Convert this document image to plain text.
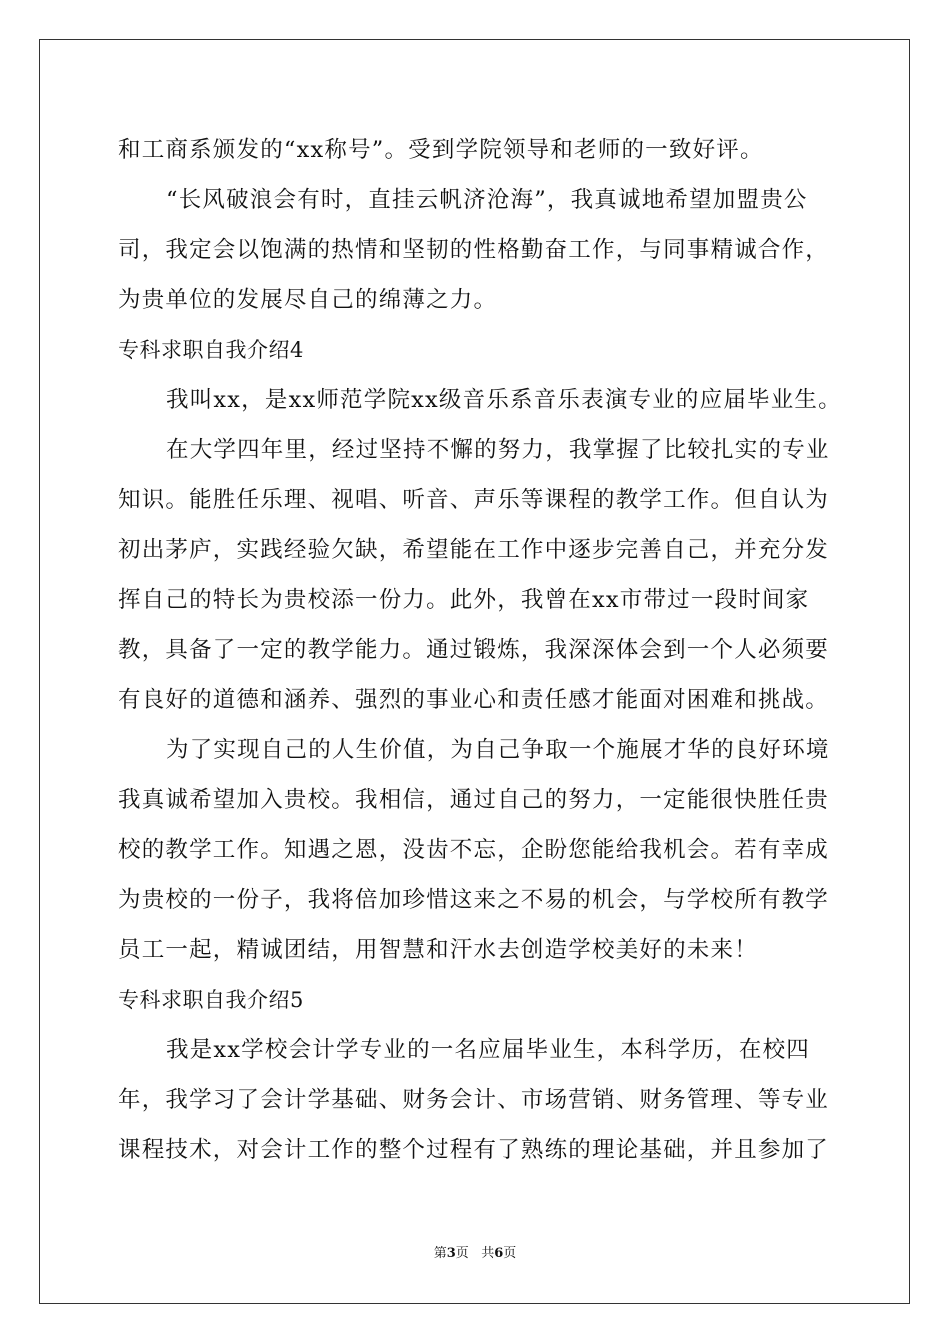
和工商系颁发的“xx称号”。受到学院领导和老师的一致好评。
“长风破浪会有时，直挂云帆济沧海”，我真诚地希望加盟贵公
司，我定会以饱满的热情和坚韧的性格勤奋工作，与同事精诚合作，
为贵单位的发展尽自己的绵薄之力。
专科求职自我介绍4
我叫xx，是xx师范学院xx级音乐系音乐表演专业的应届毕业生。
在大学四年里，经过坚持不懈的努力，我掌握了比较扎实的专业
知识。能胜任乐理、视唱、听音、声乐等课程的教学工作。但自认为
初出茅庐，实践经验欠缺，希望能在工作中逐步完善自己，并充分发
挥自己的特长为贵校添一份力。此外，我曾在xx市带过一段时间家
教，具备了一定的教学能力。通过锻炼，我深深体会到一个人必须要
有良好的道德和涵养、强烈的事业心和责任感才能面对困难和挑战。
为了实现自己的人生价值，为自己争取一个施展才华的良好环境
我真诚希望加入贵校。我相信，通过自己的努力，一定能很快胜任贵
校的教学工作。知遇之恩，没齿不忘，企盼您能给我机会。若有幸成
为贵校的一份子，我将倍加珍惜这来之不易的机会，与学校所有教学
员工一起，精诚团结，用智慧和汗水去创造学校美好的未来！
专科求职自我介绍5
我是xx学校会计学专业的一名应届毕业生，本科学历，在校四
年，我学习了会计学基础、财务会计、市场营销、财务管理、等专业
课程技术，对会计工作的整个过程有了熟练的理论基础，并且参加了
第3页 共6页
